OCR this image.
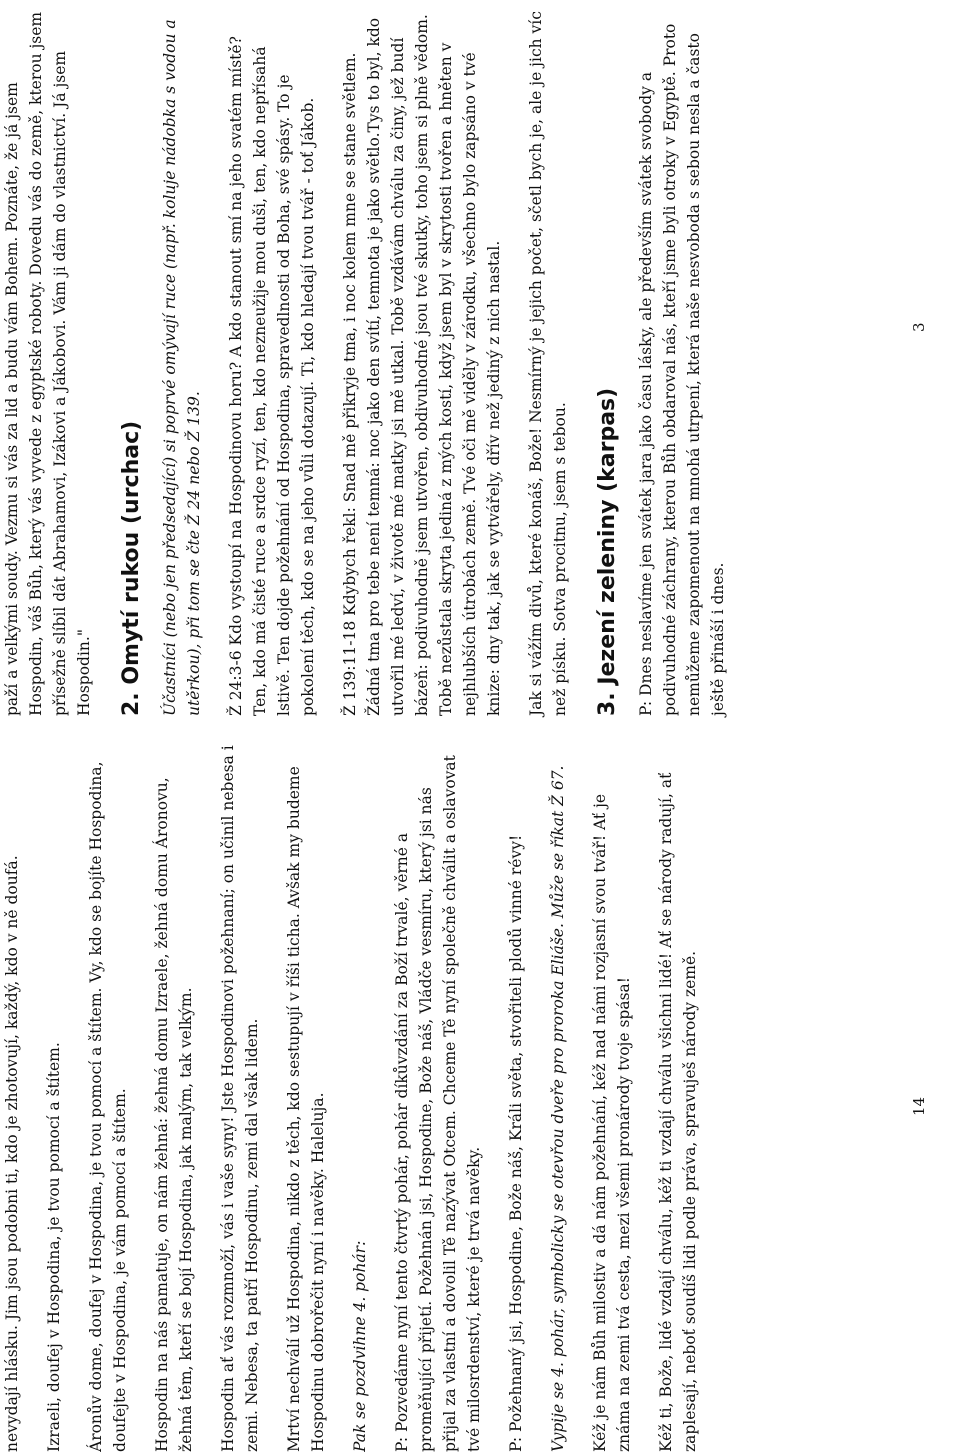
nevydají hlásku. Jim jsou podobni ti, kdo je zhotovují, každý, kdo v ně doufá. Izraeli, doufej v Hospodina, je tvou pomocí a štítem. Áronův dome, doufej v Hospodina, je tvou pomocí a štítem. Vy, kdo se bojíte Hospodina, doufejte v Hospodina, je vám pomocí a štítem. Hospodin na nás pamatuje, on nám žehná: žehná domu Izraele, žehná domu Áronovu, žehná těm, kteří se bojí Hospodina, jak malým, tak velkým. Hospodin ať vás rozmnoží, vás i vaše syny! Jste Hospodinovi požehnaní; on učinil nebesa i zemi. Nebesa, ta patří Hospodinu, zemi dal však lidem. Mrtví nechválí už Hospodina, nikdo z těch, kdo sestupují v říši ticha. Avšak my budeme Hospodinu dobrořečit nyní i navěky. Haleluja. Pak se pozdvihne 4. pohár: P: Pozvedáme nyní tento čtvrtý pohár, pohár díkůvzdání za Boží trvalé, věrné a proměňující přijetí. Požehnán jsi, Hospodine, Bože náš, Vládče vesmíru, který jsi nás přijal za vlastní a dovolil Tě nazývat Otcem. Chceme Tě nyní společně chválit a oslavovat tvé milosrdenství, které je trvá navěky. P: Požehnaný jsi, Hospodine, Bože náš, Králi světa, stvořiteli plodů vinné révy! Vypije se 4. pohár, symbolicky se otevřou dveře pro proroka Eliáše. Může se říkat Ž 67. Kéž je nám Bůh milostiv a dá nám požehnání, kéž nad námi rozjasní svou tvář! Ať je známa na zemi tvá cesta, mezi všemi pronárody tvoje spása! Kéž ti, Bože, lidé vzdají chválu, kéž ti vzdají chválu všichni lidé! Ať se národy radují, ať zaplesají, neboť soudíš lidi podle práva, spravuješ národy země.	14

paží a velkými soudy. Vezmu si vás za lid a budu vám Bohem. Poznáte, že já jsem Hospodin, váš Bůh, který vás vyvede z egyptské roboty. Dovedu vás do země, kterou jsem přísežně slíbil dát Abrahamovi, Izákovi a Jákobovi. Vám ji dám do vlastnictví. Já jsem Hospodin." 2. Omytí rukou (urchac) Účastníci (nebo jen předsedající) si poprvé omývají ruce (např. koluje nádobka s vodou a utěrkou), při tom se čte Ž 24 nebo Ž 139. Ž 24:3-6 Kdo vystoupí na Hospodinovu horu? A kdo stanout smí na jeho svatém místě? Ten, kdo má čisté ruce a srdce ryzí, ten, kdo nezneužije mou duši, ten, kdo nepřísahá lstivě. Ten dojde požehnání od Hospodina, spravedlnosti od Boha, své spásy. To je pokolení těch, kdo se na jeho vůli dotazují. Ti, kdo hledají tvou tvář - toť Jákob. Ž 139:11-18 Kdybych řekl: Snad mě přikryje tma, i noc kolem mne se stane světlem. Žádná tma pro tebe není temná: noc jako den svítí, temnota je jako světlo.Tys to byl, kdo utvořil mé ledví, v životě mé matky jsi mě utkal. Tobě vzdávám chválu za činy, jež budí bázeň: podivuhodně jsem utvořen, obdivuhodné jsou tvé skutky, toho jsem si plně vědom. Tobě nezůstala skryta jediná z mých kostí, když jsem byl v skrytosti tvořen a hněten v nejhlubších útrobách země. Tvé oči mě viděly v zárodku, všechno bylo zapsáno v tvé knize: dny tak, jak se vytvářely, dřív než jediný z nich nastal. Jak si vážím divů, které konáš, Bože! Nesmírný je jejich počet, sčetl bych je, ale je jich víc než písku. Sotva procitnu, jsem s tebou. 3. Jezení zeleniny (karpas) P: Dnes neslavíme jen svátek jara jako času lásky, ale především svátek svobody a podivuhodné záchrany, kterou Bůh obdaroval nás, kteří jsme byli otroky v Egyptě. Proto nemůžeme zapomenout na mnohá utrpení, která naše nesvoboda s sebou nesla a často ještě přináší i dnes.

3
